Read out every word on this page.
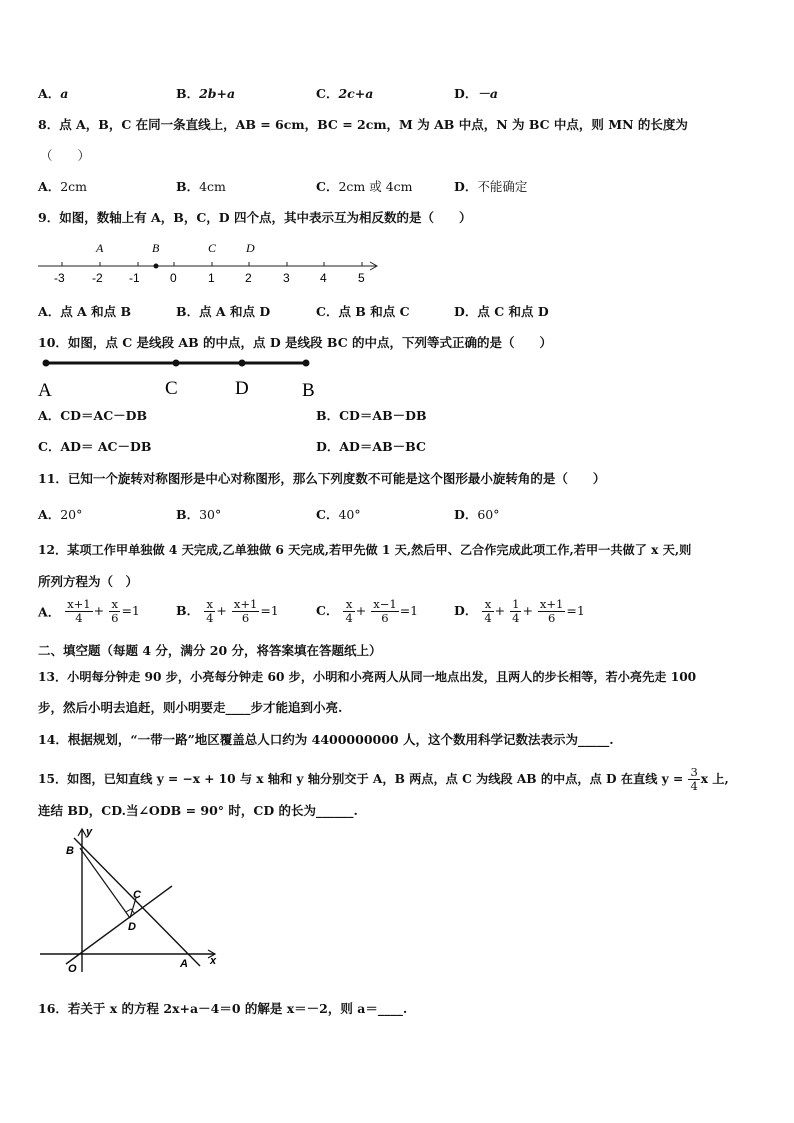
A．a	B．2b+a	C．2c+a	D．－a
8．点 A，B，C 在同一条直线上，AB = 6cm，BC = 2cm，M 为 AB 中点，N 为 BC 中点，则 MN 的长度为
（　　）
A．2cm	B．4cm	C．2cm 或 4cm	D．不能确定
9．如图，数轴上有 A，B，C，D 四个点，其中表示互为相反数的是（　　）
A	B	C D
-3 -2 -1	0	1	2	3	4	5
A．点 A 和点 B	B．点 A 和点 D	C．点 B 和点 C	D．点 C 和点 D
10．如图，点 C 是线段 AB 的中点，点 D 是线段 BC 的中点，下列等式正确的是（　　）
A	C	D	B
A．CD＝AC－DB	B．CD＝AB－DB
C．AD＝ AC－DB	D．AD＝AB－BC
11．已知一个旋转对称图形是中心对称图形，那么下列度数不可能是这个图形最小旋转角的是（　　）
A．20°	B．30°	C．40°	D．60°
12．某项工作甲单独做 4 天完成,乙单独做 6 天完成,若甲先做 1 天,然后甲、乙合作完成此项工作,若甲一共做了 x 天,则
所列方程为（　）
A． $\frac{x+1}{4} + \frac{x}{6} =1$	B． $\frac{x}{4} + \frac{x+1}{6} =1$	C． $\frac{x}{4} + \frac{x-1}{6} =1$	D． $\frac{x}{4} + \frac{1}{4} + \frac{x+1}{6} =1$
二、填空题（每题 4 分，满分 20 分，将答案填在答题纸上）
13．小明每分钟走 90 步，小亮每分钟走 60 步，小明和小亮两人从同一地点出发，且两人的步长相等，若小亮先走 100
步，然后小明去追赶，则小明要走____步才能追到小亮.
14．根据规划，“一带一路”地区覆盖总人口约为 4400000000 人，这个数用科学记数法表示为_____.
15．如图，已知直线 y = −x + 10 与 x 轴和 y 轴分别交于 A，B 两点，点 C 为线段 AB 的中点，点 D 在直线 $y = \frac{3}{4}$ x 上,
连结 BD，CD.当∠ODB = 90° 时，CD 的长为______.
y
x
B
C
D
O	A
16．若关于 x 的方程 2x+a－4＝0 的解是 x＝－2，则 a＝____.
